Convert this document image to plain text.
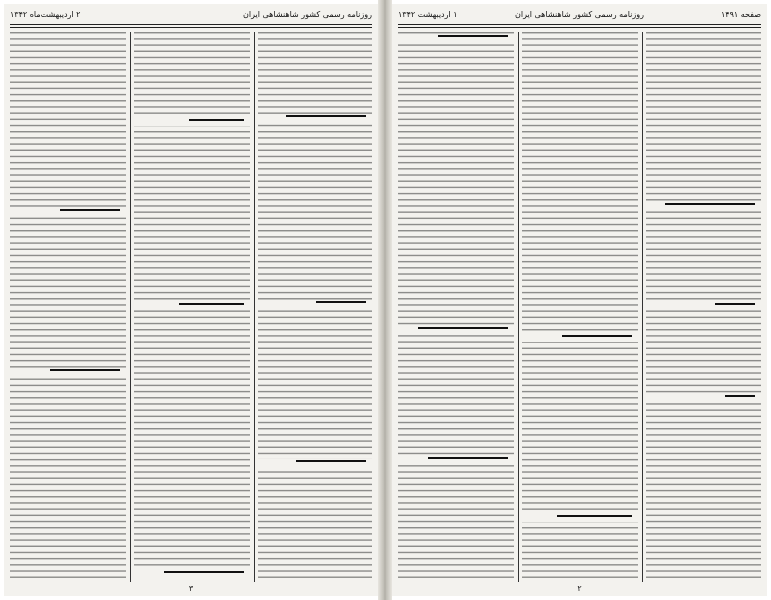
روزنامه رسمی کشور شاهنشاهی ایران
۲ اردیبهشت‌ماه ۱۳۴۲
۳
صفحه ۱۴۹۱
روزنامه رسمی کشور شاهنشاهی ایران
۱ اردیبهشت ۱۳۴۲
۲
